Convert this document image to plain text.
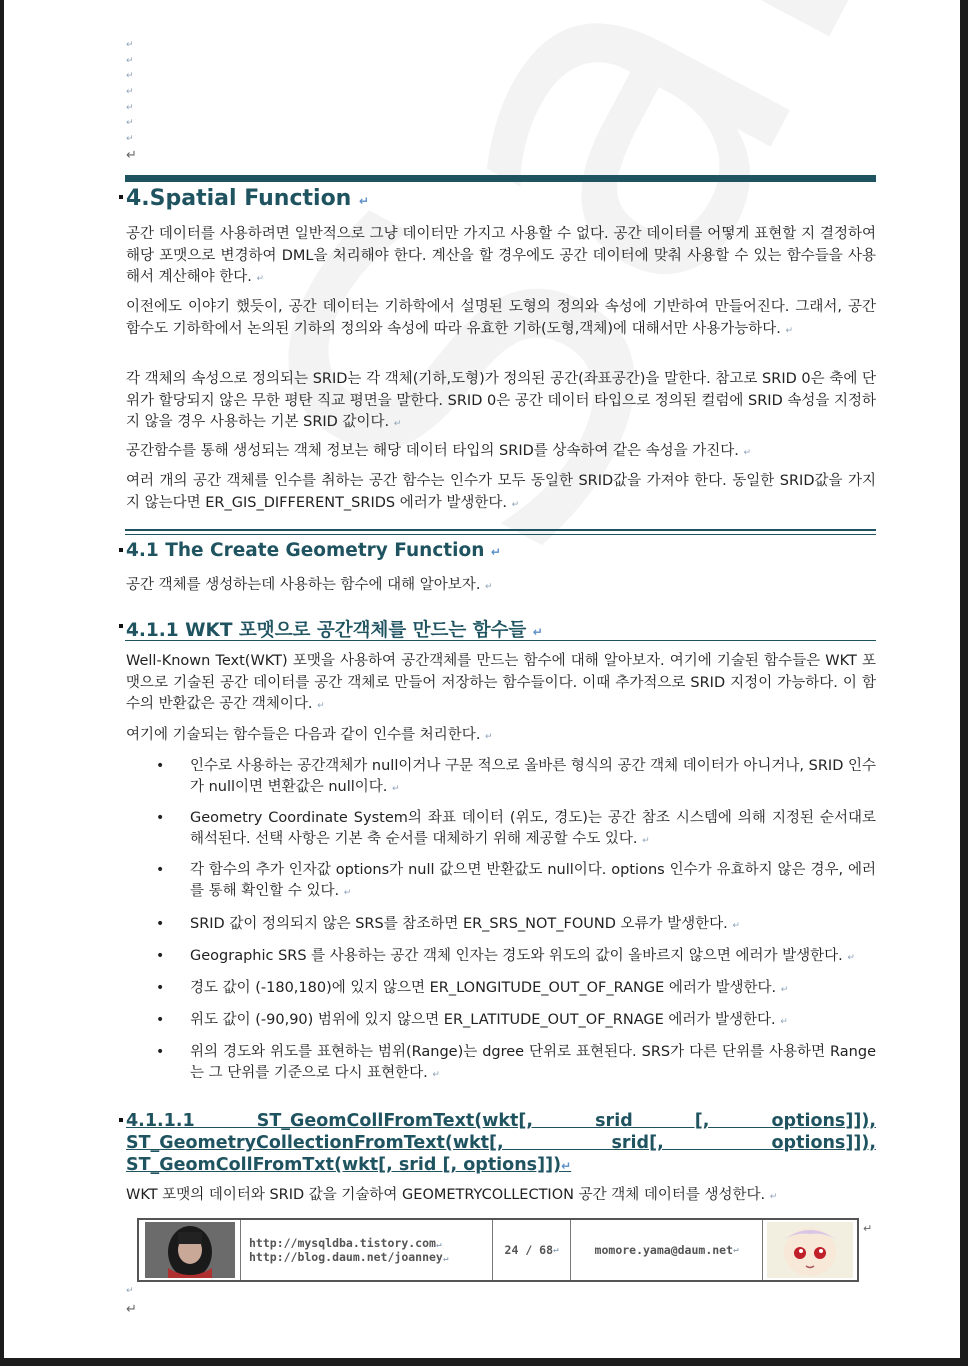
↵
↵
↵
↵
↵
↵
↵
↵
4.Spatial Function ↵

공간 데이터를 사용하려면 일반적으로 그냥 데이터만 가지고 사용할 수 없다. 공간 데이터를 어떻게 표현할 지 결정하여 해당 포맷으로 변경하여 DML을 처리해야 한다. 계산을 할 경우에도 공간 데이터에 맞춰 사용할 수 있는 함수들을 사용해서 계산해야 한다. ↵

이전에도 이야기 했듯이, 공간 데이터는 기하학에서 설명된 도형의 정의와 속성에 기반하여 만들어진다. 그래서, 공간 함수도 기하학에서 논의된 기하의 정의와 속성에 따라 유효한 기하(도형,객체)에 대해서만 사용가능하다. ↵

각 객체의 속성으로 정의되는 SRID는 각 객체(기하,도형)가 정의된 공간(좌표공간)을 말한다. 참고로 SRID 0은 축에 단위가 할당되지 않은 무한 평탄 직교 평면을 말한다. SRID 0은 공간 데이터 타입으로 정의된 컬럼에 SRID 속성을 지정하지 않을 경우 사용하는 기본 SRID 값이다. ↵

공간함수를 통해 생성되는 객체 정보는 해당 데이터 타입의 SRID를 상속하여 같은 속성을 가진다. ↵

여러 개의 공간 객체를 인수를 취하는 공간 함수는 인수가 모두 동일한 SRID값을 가져야 한다. 동일한 SRID값을 가지지 않는다면 ER_GIS_DIFFERENT_SRIDS 에러가 발생한다. ↵

4.1 The Create Geometry Function ↵

공간 객체를 생성하는데 사용하는 함수에 대해 알아보자. ↵

4.1.1 WKT 포맷으로 공간객체를 만드는 함수들 ↵

Well-Known Text(WKT) 포맷을 사용하여 공간객체를 만드는 함수에 대해 알아보자. 여기에 기술된 함수들은 WKT 포맷으로 기술된 공간 데이터를 공간 객체로 만들어 저장하는 함수들이다. 이때 추가적으로 SRID 지정이 가능하다. 이 함수의 반환값은 공간 객체이다. ↵

여기에 기술되는 함수들은 다음과 같이 인수를 처리한다. ↵

• 인수로 사용하는 공간객체가 null이거나 구문 적으로 올바른 형식의 공간 객체 데이터가 아니거나, SRID 인수가 null이면 변환값은 null이다. ↵
• Geometry Coordinate System의 좌표 데이터 (위도, 경도)는 공간 참조 시스템에 의해 지정된 순서대로 해석된다. 선택 사항은 기본 축 순서를 대체하기 위해 제공할 수도 있다. ↵
• 각 함수의 추가 인자값 options가 null 값으면 반환값도 null이다. options 인수가 유효하지 않은 경우, 에러를 통해 확인할 수 있다. ↵
• SRID 값이 정의되지 않은 SRS를 참조하면 ER_SRS_NOT_FOUND 오류가 발생한다. ↵
• Geographic SRS 를 사용하는 공간 객체 인자는 경도와 위도의 값이 올바르지 않으면 에러가 발생한다. ↵
• 경도 값이 (-180,180)에 있지 않으면 ER_LONGITUDE_OUT_OF_RANGE 에러가 발생한다. ↵
• 위도 값이 (-90,90) 범위에 있지 않으면 ER_LATITUDE_OUT_OF_RNAGE 에러가 발생한다. ↵
• 위의 경도와 위도를 표현하는 범위(Range)는 dgree 단위로 표현된다. SRS가 다른 단위를 사용하면 Range는 그 단위를 기준으로 다시 표현한다. ↵

4.1.1.1 ST_GeomCollFromText(wkt[, srid [, options]]), ST_GeometryCollectionFromText(wkt[, srid[, options]]), ST_GeomCollFromTxt(wkt[, srid [, options]])↵

WKT 포맷의 데이터와 SRID 값을 기술하여 GEOMETRYCOLLECTION 공간 객체 데이터를 생성한다. ↵

http://mysqldba.tistory.com↵
http://blog.daum.net/joanney↵
24 / 68 ↵	momore.yama@daum.net ↵
↵
↵
↵
